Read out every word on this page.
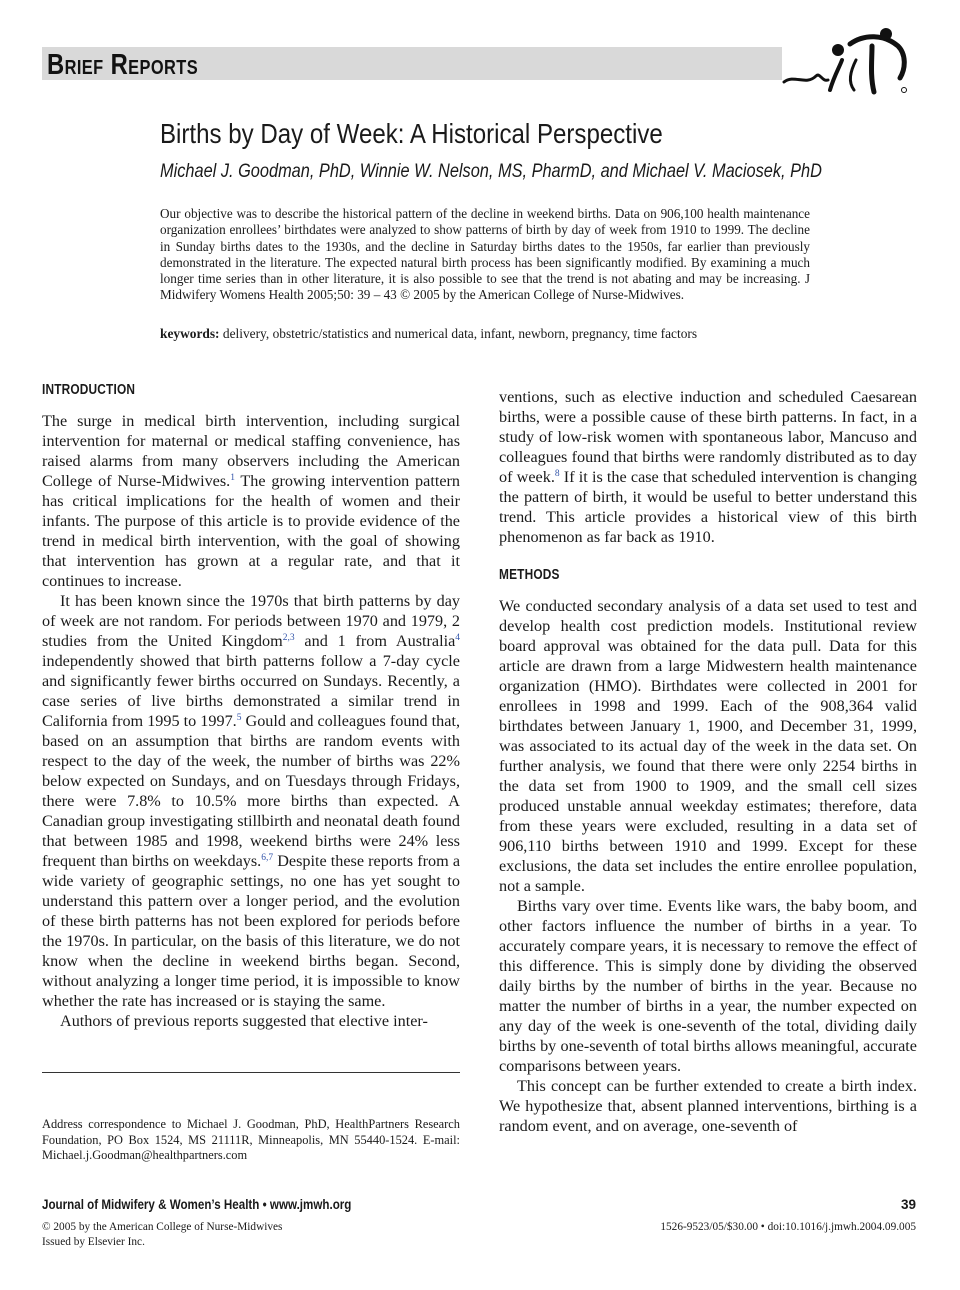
Brief Reports
Births by Day of Week: A Historical Perspective
Michael J. Goodman, PhD, Winnie W. Nelson, MS, PharmD, and Michael V. Maciosek, PhD
Our objective was to describe the historical pattern of the decline in weekend births. Data on 906,100 health maintenance organization enrollees’ birthdates were analyzed to show patterns of birth by day of week from 1910 to 1999. The decline in Sunday births dates to the 1930s, and the decline in Saturday births dates to the 1950s, far earlier than previously demonstrated in the literature. The expected natural birth process has been significantly modified. By examining a much longer time series than in other literature, it is also possible to see that the trend is not abating and may be increasing. J Midwifery Womens Health 2005;50: 39 – 43 © 2005 by the American College of Nurse-Midwives.
keywords: delivery, obstetric/statistics and numerical data, infant, newborn, pregnancy, time factors
INTRODUCTION

The surge in medical birth intervention, including surgical intervention for maternal or medical staffing convenience, has raised alarms from many observers including the American College of Nurse-Midwives.$^1$ The growing intervention pattern has critical implications for the health of women and their infants. The purpose of this article is to provide evidence of the trend in medical birth intervention, with the goal of showing that intervention has grown at a regular rate, and that it continues to increase.

It has been known since the 1970s that birth patterns by day of week are not random. For periods between 1970 and 1979, 2 studies from the United Kingdom$^{2,3}$ and 1 from Australia$^4$ independently showed that birth patterns follow a 7-day cycle and significantly fewer births occurred on Sundays. Recently, a case series of live births demonstrated a similar trend in California from 1995 to 1997.$^5$ Gould and colleagues found that, based on an assumption that births are random events with respect to the day of the week, the number of births was 22% below expected on Sundays, and on Tuesdays through Fridays, there were 7.8% to 10.5% more births than expected. A Canadian group investigating stillbirth and neonatal death found that between 1985 and 1998, weekend births were 24% less frequent than births on weekdays.$^{6,7}$ Despite these reports from a wide variety of geographic settings, no one has yet sought to understand this pattern over a longer period, and the evolution of these birth patterns has not been explored for periods before the 1970s. In particular, on the basis of this literature, we do not know when the decline in weekend births began. Second, without analyzing a longer time period, it is impossible to know whether the rate has increased or is staying the same.

Authors of previous reports suggested that elective inter-

ventions, such as elective induction and scheduled Caesarean births, were a possible cause of these birth patterns. In fact, in a study of low-risk women with spontaneous labor, Mancuso and colleagues found that births were randomly distributed as to day of week.$^8$ If it is the case that scheduled intervention is changing the pattern of birth, it would be useful to better understand this trend. This article provides a historical view of this birth phenomenon as far back as 1910.

METHODS

We conducted secondary analysis of a data set used to test and develop health cost prediction models. Institutional review board approval was obtained for the data pull. Data for this article are drawn from a large Midwestern health maintenance organization (HMO). Birthdates were collected in 2001 for enrollees in 1998 and 1999. Each of the 908,364 valid birthdates between January 1, 1900, and December 31, 1999, was associated to its actual day of the week in the data set. On further analysis, we found that there were only 2254 births in the data set from 1900 to 1909, and the small cell sizes produced unstable annual weekday estimates; therefore, data from these years were excluded, resulting in a data set of 906,110 births between 1910 and 1999. Except for these exclusions, the data set includes the entire enrollee population, not a sample.

Births vary over time. Events like wars, the baby boom, and other factors influence the number of births in a year. To accurately compare years, it is necessary to remove the effect of this difference. This is simply done by dividing the observed daily births by the number of births in the year. Because no matter the number of births in a year, the number expected on any day of the week is one-seventh of the total, dividing daily births by one-seventh of total births allows meaningful, accurate comparisons between years.

This concept can be further extended to create a birth index. We hypothesize that, absent planned interventions, birthing is a random event, and on average, one-seventh of

Address correspondence to Michael J. Goodman, PhD, HealthPartners Research Foundation, PO Box 1524, MS 21111R, Minneapolis, MN 55440-1524. E-mail: Michael.j.Goodman@healthpartners.com
Journal of Midwifery & Women’s Health • www.jmwh.org	39
© 2005 by the American College of Nurse-Midwives
Issued by Elsevier Inc.
1526-9523/05/$30.00 • doi:10.1016/j.jmwh.2004.09.005
